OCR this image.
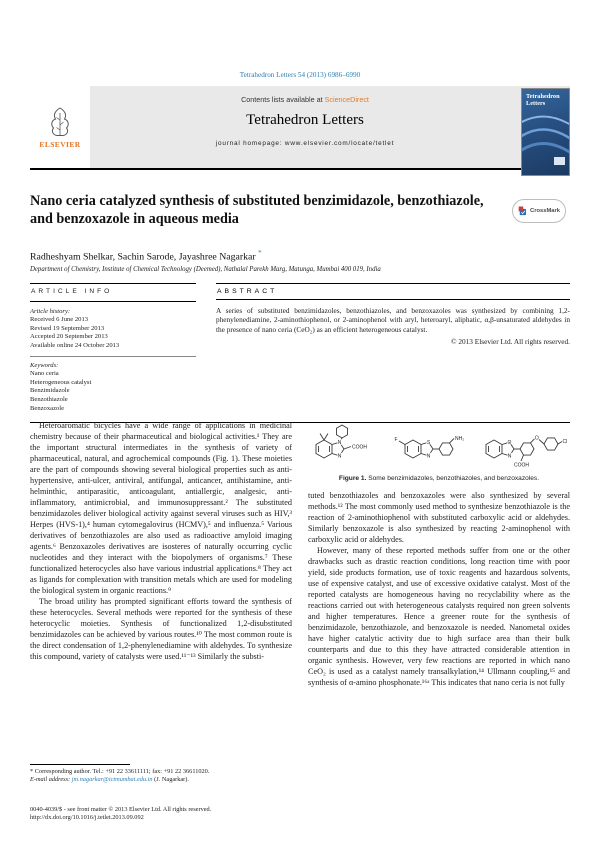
Tetrahedron Letters 54 (2013) 6986–6990
ELSEVIER
Contents lists available at ScienceDirect
Tetrahedron Letters
journal homepage: www.elsevier.com/locate/tetlet
Tetrahedron
Letters
Nano ceria catalyzed synthesis of substituted benzimidazole, benzothiazole, and benzoxazole in aqueous media	CrossMark
Radheshyam Shelkar, Sachin Sarode, Jayashree Nagarkar *
Department of Chemistry, Institute of Chemical Technology (Deemed), Nathalal Parekh Marg, Matunga, Mumbai 400 019, India
ARTICLE INFO
Article history:
Received 6 June 2013
Revised 19 September 2013
Accepted 20 September 2013
Available online 24 October 2013
Keywords:
Nano ceria
Heterogeneous catalyst
Benzimidazole
Benzothiazole
Benzoxazole
ABSTRACT

A series of substituted benzimidazoles, benzothiazoles, and benzoxazoles was synthesized by combining 1,2-phenylenediamine, 2-aminothiophenol, or 2-aminophenol with aryl, heteroaryl, aliphatic, α,β-unsaturated aldehydes in the presence of nano ceria (CeO₂) as an efficient heterogeneous catalyst.

© 2013 Elsevier Ltd. All rights reserved.

Heteroaromatic bicycles have a wide range of applications in medicinal chemistry because of their pharmaceutical and biological activities.¹ They are the important structural intermediates in the synthesis of variety of pharmaceutical, natural, and agrochemical compounds (Fig. 1). These moieties are the part of compounds showing several biological properties such as anti-hypertensive, anti-ulcer, antiviral, antifungal, anticancer, antihistamine, anti-helminthic, antiparasitic, anticoagulant, antiallergic, analgesic, anti-inflammatory, antimicrobial, and immunosuppressant.² The substituted benzimidazoles deliver biological activity against several viruses such as HIV,³ Herpes (HVS-1),⁴ human cytomegalovirus (HCMV),⁵ and influenza.⁵ Various derivatives of benzothiazoles are also used as radioactive amyloid imaging agents.⁶ Benzoxazoles derivatives are isosteres of naturally occurring cyclic nucleotides and they interact with the biopolymers of organisms.⁷ These functionalized heterocycles also have various industrial applications.⁸ They act as ligands for complexation with transition metals which are used for modeling the biological system in organic reactions.⁹

The broad utility has prompted significant efforts toward the synthesis of these heterocycles. Several methods were reported for the synthesis of these heterocyclic moieties. Synthesis of functionalized 1,2-disubstituted benzimidazoles can be achieved by various routes.¹⁰ The most common route is the direct condensation of 1,2-phenylenediamine with aldehydes. To synthesize this compound, variety of catalysts were used.¹¹⁻¹³ Similarly the substi-

N
N
COOH
F
S
N
NH₂
O
N
O
Cl
COOH
Figure 1. Some benzimidazoles, benzothiazoles, and benzoxazoles.

tuted benzothiazoles and benzoxazoles were also synthesized by several methods.¹² The most commonly used method to synthesize benzothiazole is the reaction of 2-aminothiophenol with substituted carboxylic acid or aldehydes. Similarly benzoxazole is also synthesized by reacting 2-aminophenol with carboxylic acid or aldehydes.

However, many of these reported methods suffer from one or the other drawbacks such as drastic reaction conditions, long reaction time with poor yield, side products formation, use of toxic reagents and hazardous solvents, use of expensive catalyst, and use of excessive oxidative catalyst. Most of the reported catalysts are homogeneous having no recyclability where as the reactions carried out with heterogeneous catalysts required non green solvents and higher temperatures. Hence a greener route for the synthesis of benzimidazole, benzothiazole, and benzoxazole is needed. Nanometal oxides have higher catalytic activity due to high surface area than their bulk counterparts and due to this they have attracted considerable attention in organic synthesis. However, very few reactions are reported in which nano CeO₂ is used as a catalyst namely transalkylation,¹⁴ Ullmann coupling,¹⁵ and synthesis of α-amino phosphonate.¹⁶ᵃ This indicates that nano ceria is not fully

* Corresponding author. Tel.: +91 22 33611111; fax: +91 22 36611020.
E-mail address: jm.nagarkar@ictmumbai.edu.in (J. Nagarkar).
0040-4039/$ - see front matter © 2013 Elsevier Ltd. All rights reserved.
http://dx.doi.org/10.1016/j.tetlet.2013.09.092
